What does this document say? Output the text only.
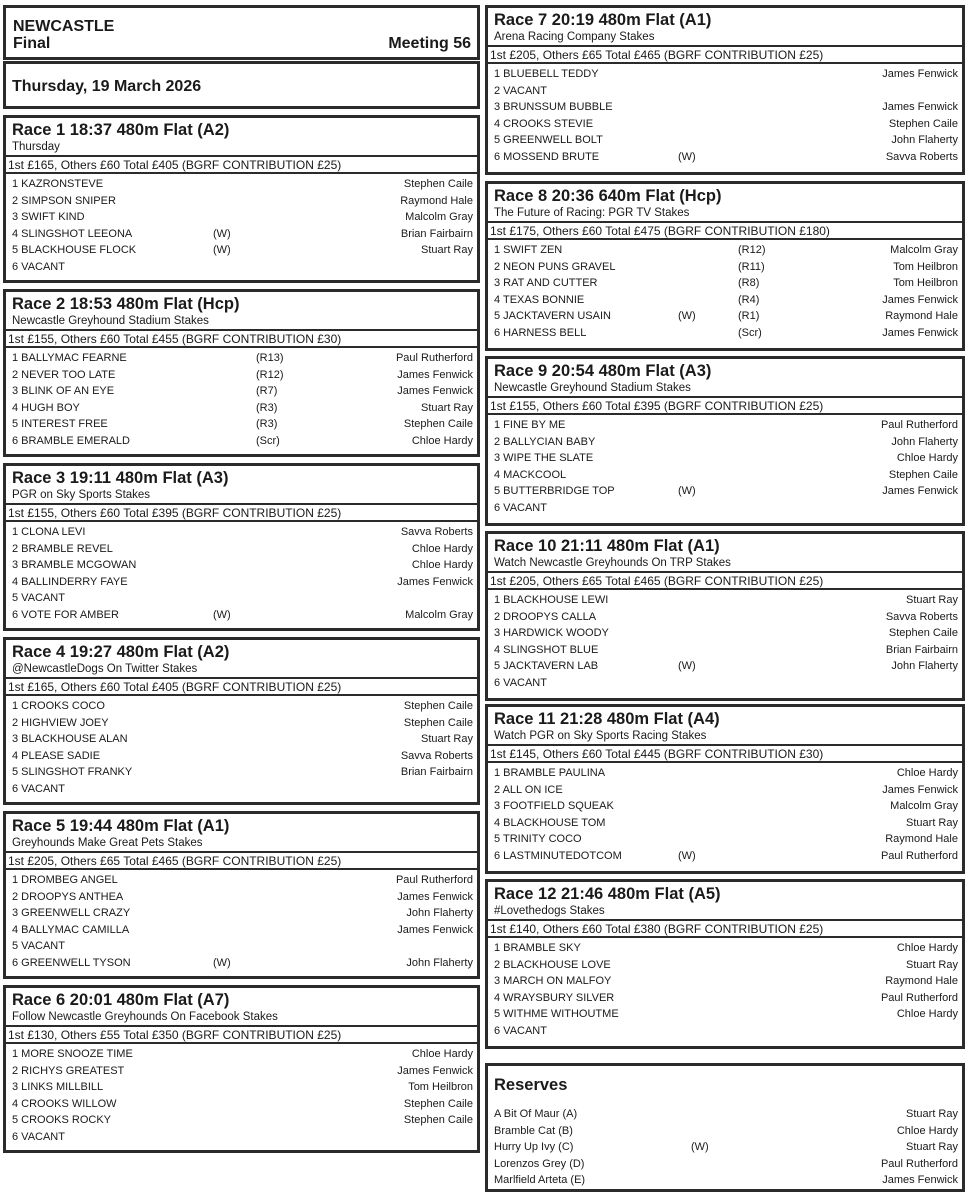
NEWCASTLE
Final	Meeting 56
Thursday, 19 March 2026
Race 1 18:37 480m Flat (A2)
Thursday
1st £165, Others £60 Total £405 (BGRF CONTRIBUTION £25)
1 KAZRONSTEVE	Stephen Caile
2 SIMPSON SNIPER	Raymond Hale
3 SWIFT KIND	Malcolm Gray
4 SLINGSHOT LEEONA	(W)	Brian Fairbairn
5 BLACKHOUSE FLOCK	(W)	Stuart Ray
6 VACANT
Race 2 18:53 480m Flat (Hcp)
Newcastle Greyhound Stadium Stakes
1st £155, Others £60 Total £455 (BGRF CONTRIBUTION £30)
1 BALLYMAC FEARNE	(R13)	Paul Rutherford
2 NEVER TOO LATE	(R12)	James Fenwick
3 BLINK OF AN EYE	(R7)	James Fenwick
4 HUGH BOY	(R3)	Stuart Ray
5 INTEREST FREE	(R3)	Stephen Caile
6 BRAMBLE EMERALD	(Scr)	Chloe Hardy
Race 3 19:11 480m Flat (A3)
PGR on Sky Sports Stakes
1st £155, Others £60 Total £395 (BGRF CONTRIBUTION £25)
1 CLONA LEVI	Savva Roberts
2 BRAMBLE REVEL	Chloe Hardy
3 BRAMBLE MCGOWAN	Chloe Hardy
4 BALLINDERRY FAYE	James Fenwick
5 VACANT
6 VOTE FOR AMBER	(W)	Malcolm Gray
Race 4 19:27 480m Flat (A2)
@NewcastleDogs On Twitter Stakes
1st £165, Others £60 Total £405 (BGRF CONTRIBUTION £25)
1 CROOKS COCO	Stephen Caile
2 HIGHVIEW JOEY	Stephen Caile
3 BLACKHOUSE ALAN	Stuart Ray
4 PLEASE SADIE	Savva Roberts
5 SLINGSHOT FRANKY	Brian Fairbairn
6 VACANT
Race 5 19:44 480m Flat (A1)
Greyhounds Make Great Pets Stakes
1st £205, Others £65 Total £465 (BGRF CONTRIBUTION £25)
1 DROMBEG ANGEL	Paul Rutherford
2 DROOPYS ANTHEA	James Fenwick
3 GREENWELL CRAZY	John Flaherty
4 BALLYMAC CAMILLA	James Fenwick
5 VACANT
6 GREENWELL TYSON	(W)	John Flaherty
Race 6 20:01 480m Flat (A7)
Follow Newcastle Greyhounds On Facebook Stakes
1st £130, Others £55 Total £350 (BGRF CONTRIBUTION £25)
1 MORE SNOOZE TIME	Chloe Hardy
2 RICHYS GREATEST	James Fenwick
3 LINKS MILLBILL	Tom Heilbron
4 CROOKS WILLOW	Stephen Caile
5 CROOKS ROCKY	Stephen Caile
6 VACANT
Race 7 20:19 480m Flat (A1)
Arena Racing Company Stakes
1st £205, Others £65 Total £465 (BGRF CONTRIBUTION £25)
1 BLUEBELL TEDDY	James Fenwick
2 VACANT
3 BRUNSSUM BUBBLE	James Fenwick
4 CROOKS STEVIE	Stephen Caile
5 GREENWELL BOLT	John Flaherty
6 MOSSEND BRUTE	(W)	Savva Roberts
Race 8 20:36 640m Flat (Hcp)
The Future of Racing: PGR TV Stakes
1st £175, Others £60 Total £475 (BGRF CONTRIBUTION £180)
1 SWIFT ZEN	(R12)	Malcolm Gray
2 NEON PUNS GRAVEL	(R11)	Tom Heilbron
3 RAT AND CUTTER	(R8)	Tom Heilbron
4 TEXAS BONNIE	(R4)	James Fenwick
5 JACKTAVERN USAIN	(W)	(R1)	Raymond Hale
6 HARNESS BELL	(Scr)	James Fenwick
Race 9 20:54 480m Flat (A3)
Newcastle Greyhound Stadium Stakes
1st £155, Others £60 Total £395 (BGRF CONTRIBUTION £25)
1 FINE BY ME	Paul Rutherford
2 BALLYCIAN BABY	John Flaherty
3 WIPE THE SLATE	Chloe Hardy
4 MACKCOOL	Stephen Caile
5 BUTTERBRIDGE TOP	(W)	James Fenwick
6 VACANT
Race 10 21:11 480m Flat (A1)
Watch Newcastle Greyhounds On TRP Stakes
1st £205, Others £65 Total £465 (BGRF CONTRIBUTION £25)
1 BLACKHOUSE LEWI	Stuart Ray
2 DROOPYS CALLA	Savva Roberts
3 HARDWICK WOODY	Stephen Caile
4 SLINGSHOT BLUE	Brian Fairbairn
5 JACKTAVERN LAB	(W)	John Flaherty
6 VACANT
Race 11 21:28 480m Flat (A4)
Watch PGR on Sky Sports Racing Stakes
1st £145, Others £60 Total £445 (BGRF CONTRIBUTION £30)
1 BRAMBLE PAULINA	Chloe Hardy
2 ALL ON ICE	James Fenwick
3 FOOTFIELD SQUEAK	Malcolm Gray
4 BLACKHOUSE TOM	Stuart Ray
5 TRINITY COCO	Raymond Hale
6 LASTMINUTEDOTCOM	(W)	Paul Rutherford
Race 12 21:46 480m Flat (A5)
#Lovethedogs Stakes
1st £140, Others £60 Total £380 (BGRF CONTRIBUTION £25)
1 BRAMBLE SKY	Chloe Hardy
2 BLACKHOUSE LOVE	Stuart Ray
3 MARCH ON MALFOY	Raymond Hale
4 WRAYSBURY SILVER	Paul Rutherford
5 WITHME WITHOUTME	Chloe Hardy
6 VACANT
Reserves
A Bit Of Maur (A)	Stuart Ray
Bramble Cat (B)	Chloe Hardy
Hurry Up Ivy (C)	(W)	Stuart Ray
Lorenzos Grey (D)	Paul Rutherford
Marlfield Arteta (E)	James Fenwick
